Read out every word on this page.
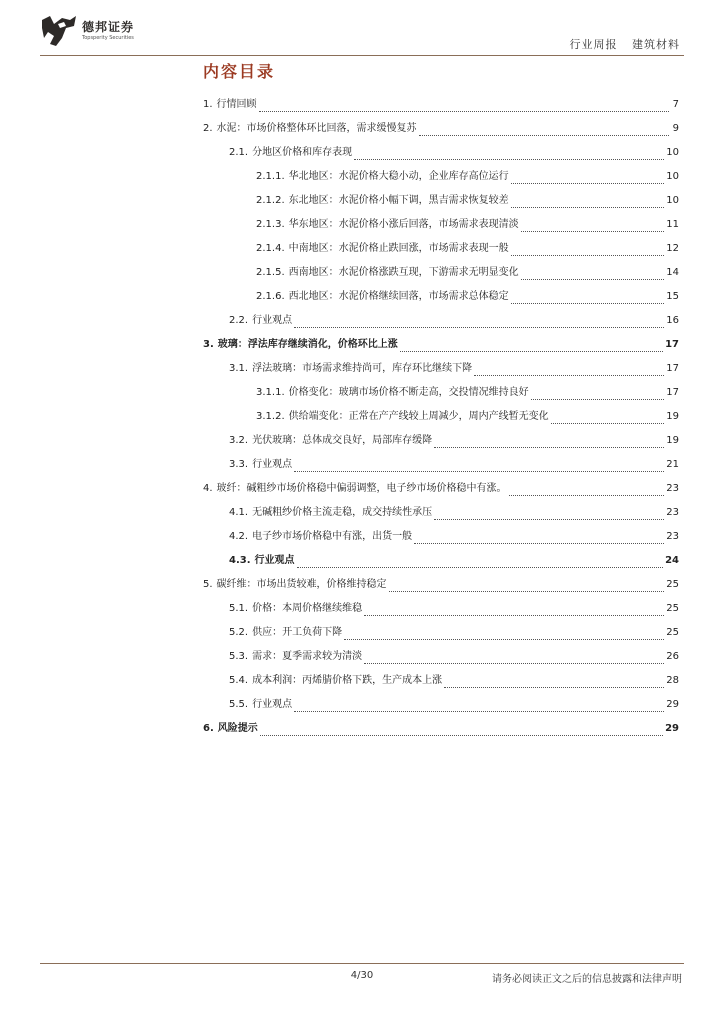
德邦证券
Topsperity Securities	行业周报 建筑材料
内容目录
1. 行情回顾	7
2. 水泥：市场价格整体环比回落，需求缓慢复苏	9
2.1. 分地区价格和库存表现	10
2.1.1. 华北地区：水泥价格大稳小动，企业库存高位运行	10
2.1.2. 东北地区：水泥价格小幅下调，黑吉需求恢复较差	10
2.1.3. 华东地区：水泥价格小涨后回落，市场需求表现清淡	11
2.1.4. 中南地区：水泥价格止跌回涨，市场需求表现一般	12
2.1.5. 西南地区：水泥价格涨跌互现，下游需求无明显变化	14
2.1.6. 西北地区：水泥价格继续回落，市场需求总体稳定	15
2.2. 行业观点	16
3. 玻璃：浮法库存继续消化，价格环比上涨	17
3.1. 浮法玻璃：市场需求维持尚可，库存环比继续下降	17
3.1.1. 价格变化：玻璃市场价格不断走高，交投情况维持良好	17
3.1.2. 供给端变化：正常在产产线较上周减少，周内产线暂无变化	19
3.2. 光伏玻璃：总体成交良好，局部库存缓降	19
3.3. 行业观点	21
4. 玻纤：碱粗纱市场价格稳中偏弱调整，电子纱市场价格稳中有涨。	23
4.1. 无碱粗纱价格主流走稳，成交持续性承压	23
4.2. 电子纱市场价格稳中有涨，出货一般	23
4.3. 行业观点	24
5. 碳纤维：市场出货较难，价格维持稳定	25
5.1. 价格：本周价格继续维稳	25
5.2. 供应：开工负荷下降	25
5.3. 需求：夏季需求较为清淡	26
5.4. 成本利润：丙烯腈价格下跌，生产成本上涨	28
5.5. 行业观点	29
6. 风险提示	29
4/30	请务必阅读正文之后的信息披露和法律声明
